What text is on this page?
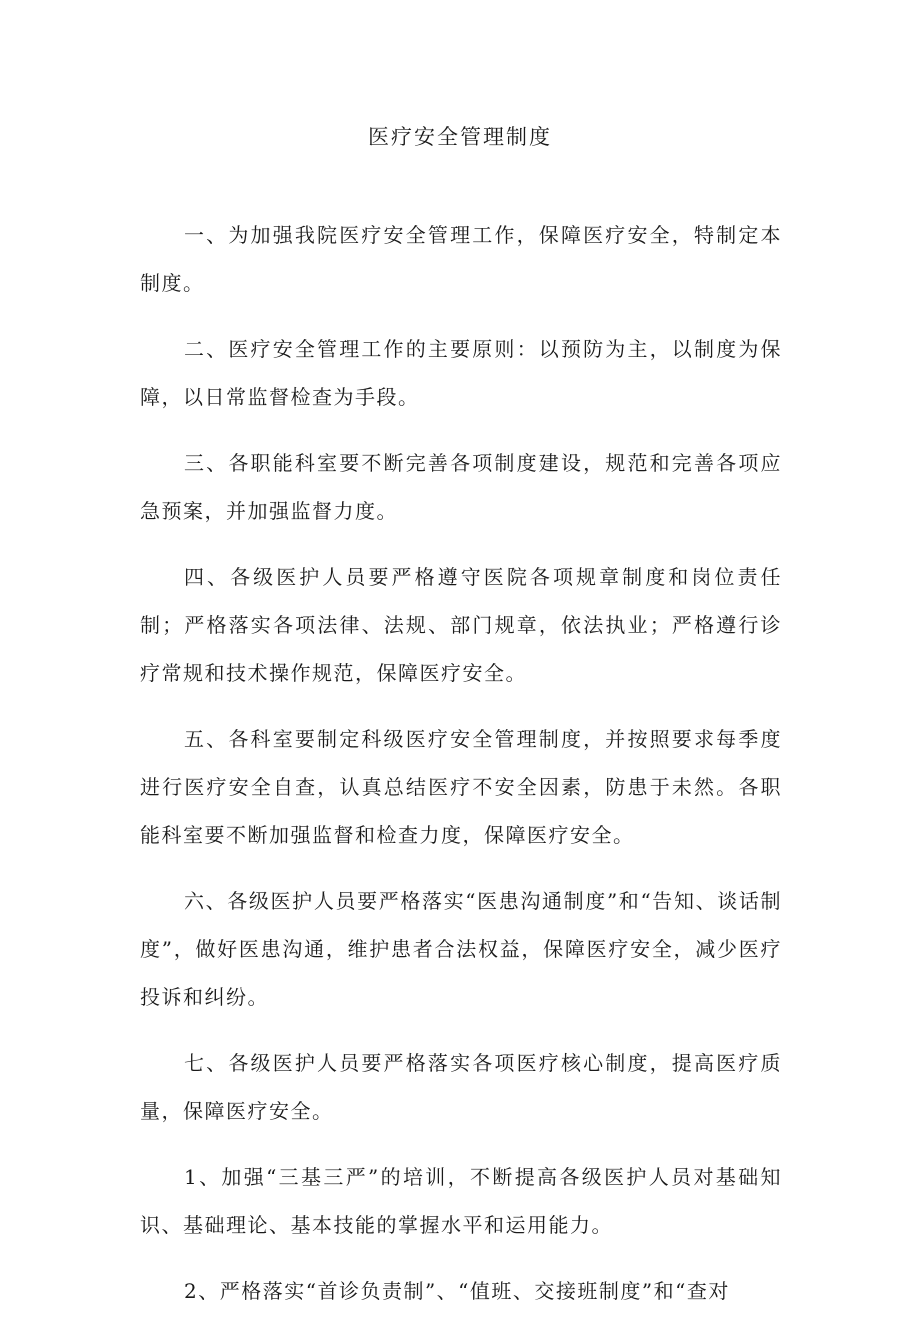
医疗安全管理制度

一、为加强我院医疗安全管理工作，保障医疗安全，特制定本制度。

二、医疗安全管理工作的主要原则：以预防为主，以制度为保障，以日常监督检查为手段。

三、各职能科室要不断完善各项制度建设，规范和完善各项应急预案，并加强监督力度。

四、各级医护人员要严格遵守医院各项规章制度和岗位责任制；严格落实各项法律、法规、部门规章，依法执业；严格遵行诊疗常规和技术操作规范，保障医疗安全。

五、各科室要制定科级医疗安全管理制度，并按照要求每季度进行医疗安全自查，认真总结医疗不安全因素，防患于未然。各职能科室要不断加强监督和检查力度，保障医疗安全。

六、各级医护人员要严格落实“医患沟通制度”和“告知、谈话制度”，做好医患沟通，维护患者合法权益，保障医疗安全，减少医疗投诉和纠纷。

七、各级医护人员要严格落实各项医疗核心制度，提高医疗质量，保障医疗安全。

1、加强“三基三严”的培训，不断提高各级医护人员对基础知识、基础理论、基本技能的掌握水平和运用能力。

2、严格落实“首诊负责制”、“值班、交接班制度”和“查对
